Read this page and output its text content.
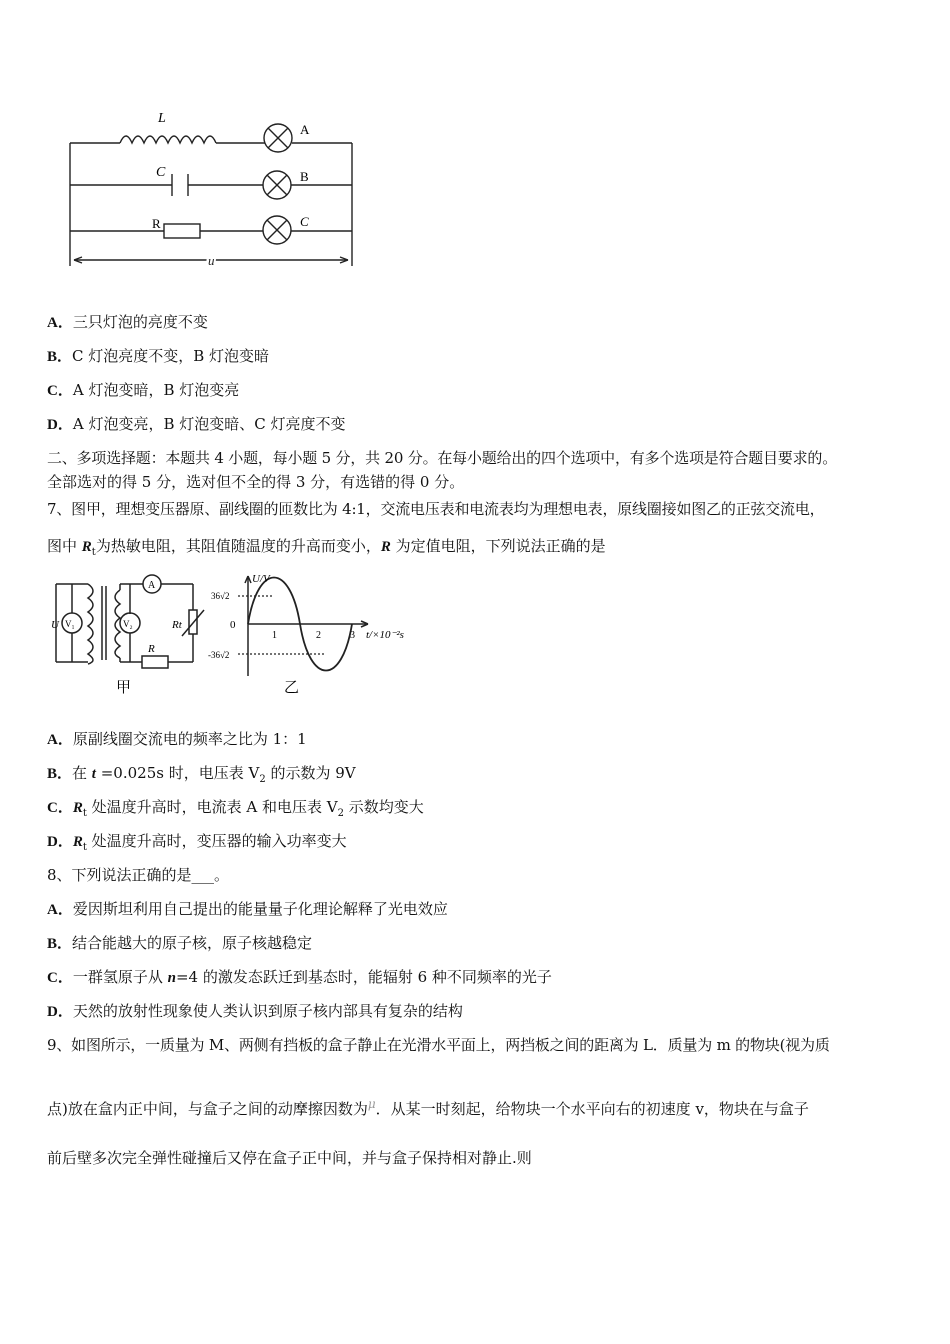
L
C
R
u
A
B
C
A．三只灯泡的亮度不变
B．C 灯泡亮度不变，B 灯泡变暗
C．A 灯泡变暗，B 灯泡变亮
D．A 灯泡变亮，B 灯泡变暗、C 灯亮度不变
二、多项选择题：本题共 4 小题，每小题 5 分，共 20 分。在每小题给出的四个选项中，有多个选项是符合题目要求的。
全部选对的得 5 分，选对但不全的得 3 分，有选错的得 0 分。
7、图甲，理想变压器原、副线圈的匝数比为 4:1，交流电压表和电流表均为理想电表，原线圈接如图乙的正弦交流电，
图中 $R_t$为热敏电阻，其阻值随温度的升高而变小，R 为定值电阻，下列说法正确的是
U V₁	V₂
A
Rt
R
甲	乙
U/V
36√2
-36√2
0
1	2	3 t/×10⁻²s
A．原副线圈交流电的频率之比为 1：1
B．在 t =0.025s 时，电压表 $V_2$ 的示数为 9V
C．$R_t$ 处温度升高时，电流表 A 和电压表 $V_2$ 示数均变大
D．$R_t$ 处温度升高时，变压器的输入功率变大
8、下列说法正确的是___。
A．爱因斯坦利用自己提出的能量量子化理论解释了光电效应
B．结合能越大的原子核，原子核越稳定
C．一群氢原子从 n=4 的激发态跃迁到基态时，能辐射 6 种不同频率的光子
D．天然的放射性现象使人类认识到原子核内部具有复杂的结构
9、如图所示，一质量为 M、两侧有挡板的盒子静止在光滑水平面上，两挡板之间的距离为 L．质量为 m 的物块(视为质
点)放在盒内正中间，与盒子之间的动摩擦因数为$^\mu$．从某一时刻起，给物块一个水平向右的初速度 v，物块在与盒子
前后壁多次完全弹性碰撞后又停在盒子正中间，并与盒子保持相对静止.则
